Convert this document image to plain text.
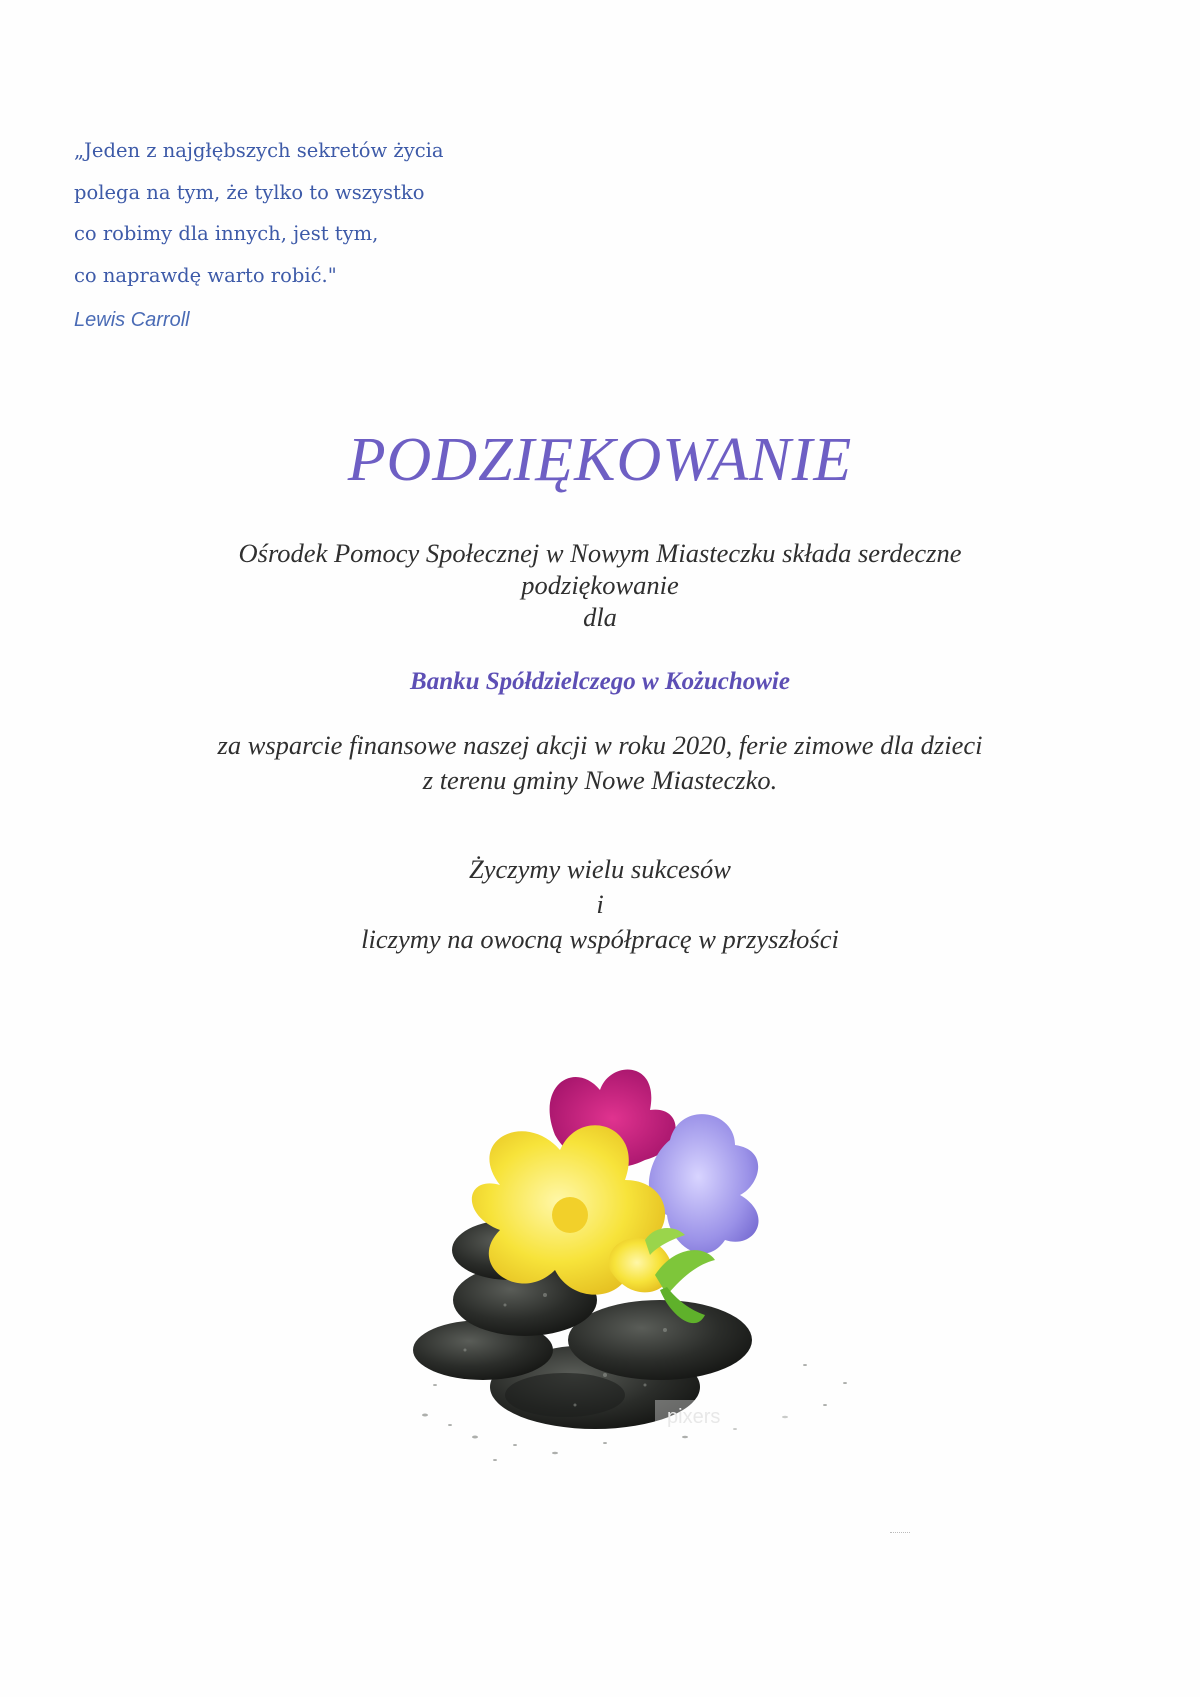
„Jeden z najgłębszych sekretów życia
polega na tym, że tylko to wszystko
co robimy dla innych, jest tym,
co naprawdę warto robić."
Lewis Carroll
PODZIĘKOWANIE
Ośrodek Pomocy Społecznej w Nowym Miasteczku składa serdeczne
podziękowanie
dla
Banku Spółdzielczego w Kożuchowie
za wsparcie finansowe naszej akcji w roku 2020, ferie zimowe dla dzieci
z terenu gminy Nowe Miasteczko.
Życzymy wielu sukcesów
i
liczymy na owocną współpracę w przyszłości
pixers
